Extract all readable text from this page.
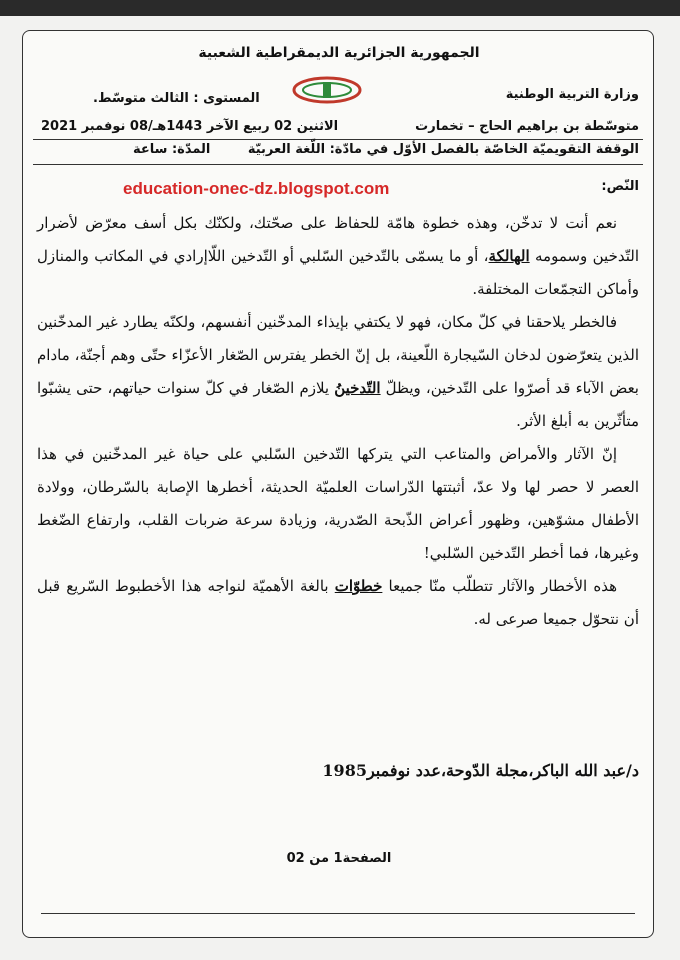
الجمهورية الجزائرية الديمقراطية الشعبية
وزارة التربية الوطنية
المستوى : الثالث متوسّط.
متوسّطة بن براهيم الحاج – تخمارت
الاثنين 02 ربيع الآخر 1443هـ/08 نوفمبر 2021
الوقفة التقويميّة الخاصّة بالفصل الأوّل في مادّة: اللّغة العربيّة
المدّة: ساعة
education-onec-dz.blogspot.com	النّص:

نعم أنت لا تدخّن، وهذه خطوة هامّة للحفاظ على صحّتك، ولكنّك بكل أسف معرّض لأضرار التّدخين وسمومه الهالكة، أو ما يسمّى بالتّدخين السّلبي أو التّدخين اللّاإرادي في المكاتب والمنازل وأماكن التجمّعات المختلفة.

فالخطر يلاحقنا في كلّ مكان، فهو لا يكتفي بإيذاء المدخّنين أنفسهم، ولكنّه يطارد غير المدخّنين الذين يتعرّضون لدخان السّيجارة اللّعينة، بل إنّ الخطر يفترس الصّغار الأعزّاء حتّى وهم أجنّة، مادام بعض الآباء قد أصرّوا على التّدخين، ويظلّ التّدخينُ يلازم الصّغار في كلّ سنوات حياتهم، حتى يشبّوا متأثّرين به أبلغ الأثر.

إنّ الآثار والأمراض والمتاعب التي يتركها التّدخين السّلبي على حياة غير المدخّنين في هذا العصر لا حصر لها ولا عدّ، أثبتتها الدّراسات العلميّة الحديثة، أخطرها الإصابة بالسّرطان، وولادة الأطفال مشوّهين، وظهور أعراض الذّبحة الصّدرية، وزيادة سرعة ضربات القلب، وارتفاع الضّغط وغيرها، فما أخطر التّدخين السّلبي!

هذه الأخطار والآثار تتطلّب منّا جميعا خطوّات بالغة الأهميّة لنواجه هذا الأخطبوط السّريع قبل أن نتحوّل جميعا صرعى له.

د/عبد الله الباكر،مجلة الدّوحة،عدد نوفمبر1985
الصفحة1 من 02
